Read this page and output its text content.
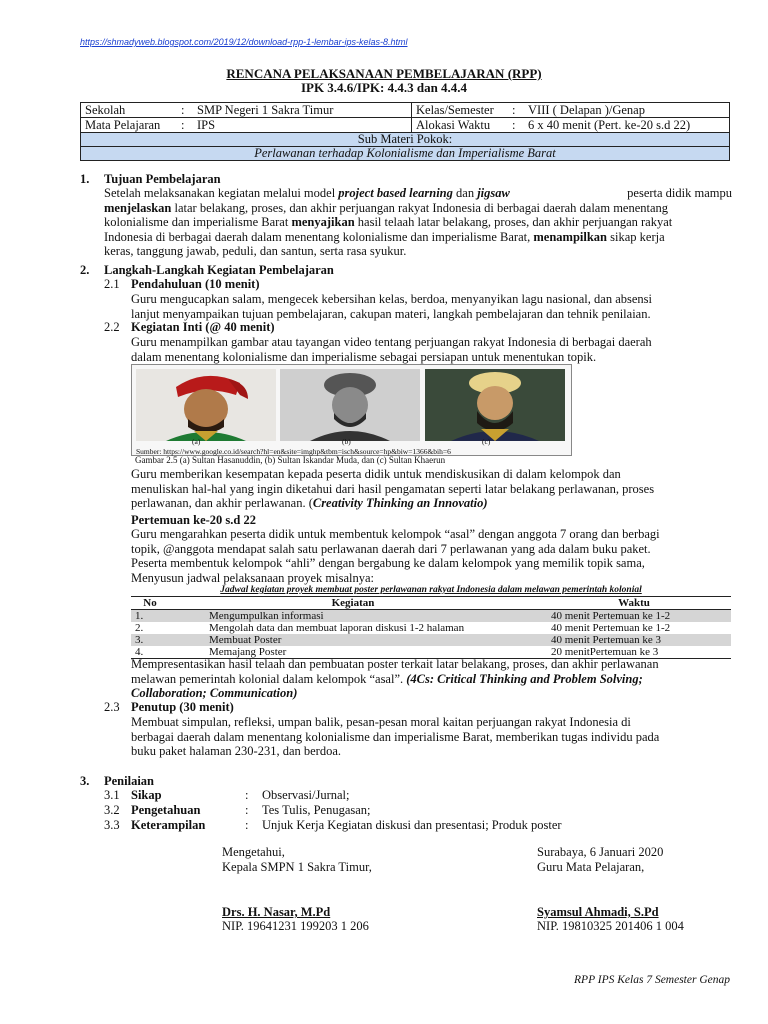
https://shmadyweb.blogspot.com/2019/12/download-rpp-1-lembar-ips-kelas-8.html
RENCANA PELAKSANAAN PEMBELAJARAN (RPP)
IPK 3.4.6/IPK: 4.4.3 dan 4.4.4
Sekolah	:	SMP Negeri 1 Sakra Timur	Kelas/Semester	:	VIII ( Delapan )/Genap
Mata Pelajaran	:	IPS	Alokasi Waktu	:	6 x 40 menit (Pert. ke-20 s.d 22)
Sub Materi Pokok:					
Perlawanan terhadap Kolonialisme dan Imperialisme Barat					
1. Tujuan Pembelajaran
Setelah melaksanakan kegiatan melalui model project based learning dan jigsaw	peserta didik mampu
menjelaskan latar belakang, proses, dan akhir perjuangan rakyat Indonesia di berbagai daerah dalam menentang
kolonialisme dan imperialisme Barat menyajikan hasil telaah latar belakang, proses, dan akhir perjuangan rakyat
Indonesia di berbagai daerah dalam menentang kolonialisme dan imperialisme Barat, menampilkan sikap kerja
keras, tanggung jawab, peduli, dan santun, serta rasa syukur.
2. Langkah-Langkah Kegiatan Pembelajaran
2.1 Pendahuluan (10 menit)
Guru mengucapkan salam, mengecek kebersihan kelas, berdoa, menyanyikan lagu nasional, dan absensi
lanjut menyampaikan tujuan pembelajaran, cakupan materi, langkah pembelajaran dan tehnik penilaian.
2.2 Kegiatan Inti (@ 40 menit)
Guru menampilkan gambar atau tayangan video tentang perjuangan rakyat Indonesia di berbagai daerah
dalam menentang kolonialisme dan imperialisme sebagai persiapan untuk menentukan topik.
(a)	(b)	(c)
Sumber: https://www.google.co.id/search?hl=en&site=imghp&tbm=isch&source=hp&biw=1366&bih=6
Gambar 2.5 (a) Sultan Hasanuddin, (b) Sultan Iskandar Muda, dan (c) Sultan Khaerun
Guru memberikan kesempatan kepada peserta didik untuk mendiskusikan di dalam kelompok dan
menuliskan hal-hal yang ingin diketahui dari hasil pengamatan seperti latar belakang perlawanan, proses
perlawanan, dan akhir perlawanan. (Creativity Thinking an Innovatio)
Pertemuan ke-20 s.d 22
Guru mengarahkan peserta didik untuk membentuk kelompok “asal” dengan anggota 7 orang dan berbagi
topik, @anggota mendapat salah satu perlawanan daerah dari 7 perlawanan yang ada dalam buku paket.
Peserta membentuk kelompok “ahli” dengan bergabung ke dalam kelompok yang memilik topik sama,
Menyusun jadwal pelaksanaan proyek misalnya:
Jadwal kegiatan proyek membuat poster perlawanan rakyat Indonesia dalam melawan pemerintah kolonial
No	Kegiatan	Waktu
1.	Mengumpulkan informasi	40 menit Pertemuan ke 1-2
2.	Mengolah data dan membuat laporan diskusi 1-2 halaman	40 menit Pertemuan ke 1-2
3.	Membuat Poster	40 menit Pertemuan ke 3
4.	Memajang Poster	20 menitPertemuan ke 3
Mempresentasikan hasil telaah dan pembuatan poster terkait latar belakang, proses, dan akhir perlawanan
melawan pemerintah kolonial dalam kelompok “asal”. (4Cs: Critical Thinking and Problem Solving;
Collaboration; Communication)
2.3 Penutup (30 menit)
Membuat simpulan, refleksi, umpan balik, pesan-pesan moral kaitan perjuangan rakyat Indonesia di
berbagai daerah dalam menentang kolonialisme dan imperialisme Barat, memberikan tugas individu pada
buku paket halaman 230-231, dan berdoa.
3. Penilaian
3.1 Sikap	: Observasi/Jurnal;
3.2 Pengetahuan	: Tes Tulis, Penugasan;
3.3 Keterampilan	: Unjuk Kerja Kegiatan diskusi dan presentasi; Produk poster
Mengetahui,
Kepala SMPN 1 Sakra Timur,
Drs. H. Nasar, M.Pd
NIP. 19641231 199203 1 206
Surabaya, 6 Januari 2020
Guru Mata Pelajaran,
Syamsul Ahmadi, S.Pd
NIP. 19810325 201406 1 004
RPP IPS Kelas 7 Semester Genap
